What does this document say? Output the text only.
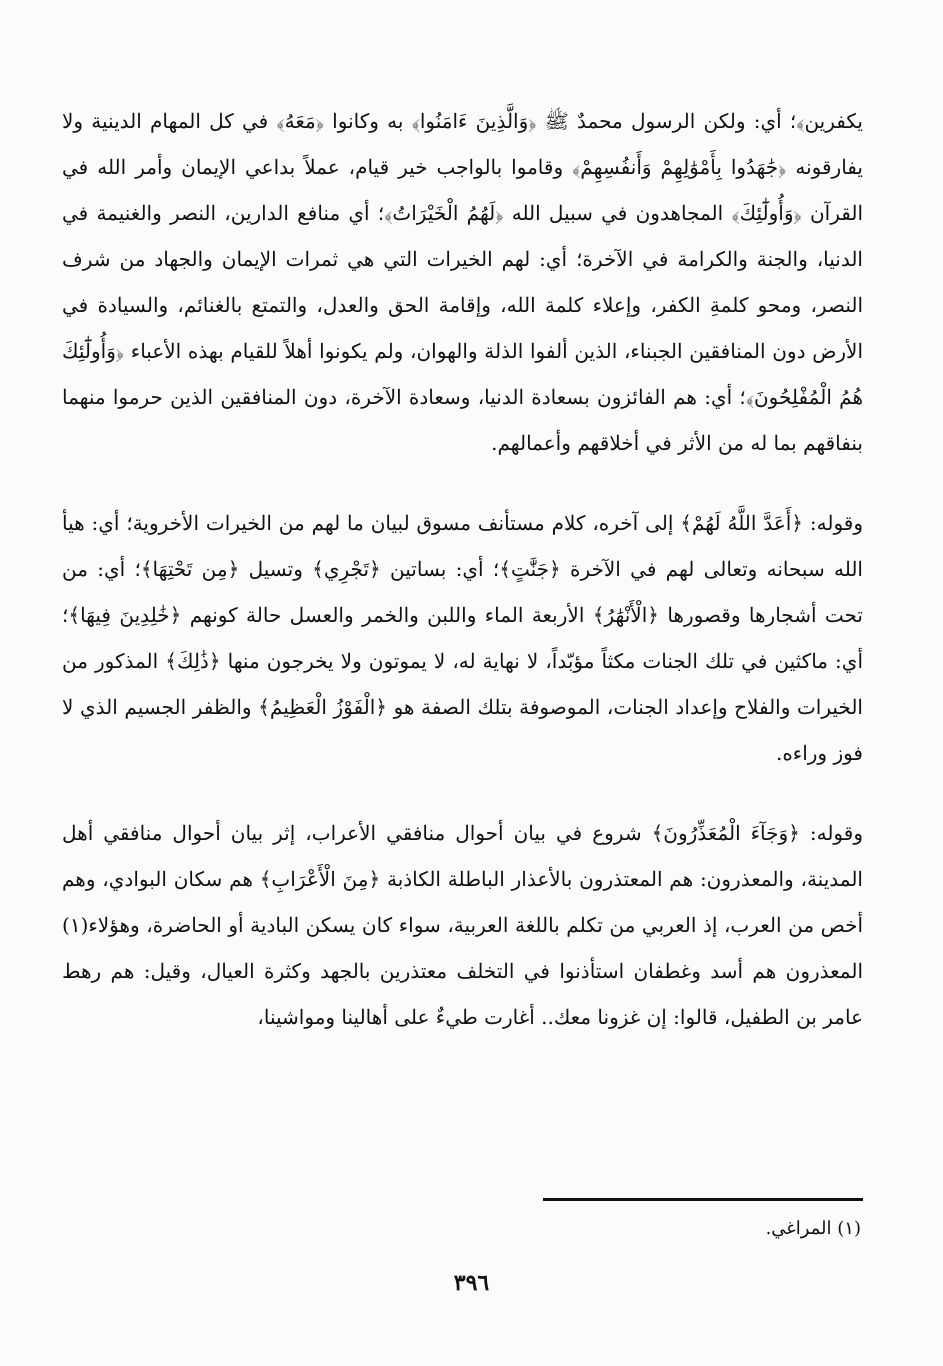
يكفرين﴾؛ أي: ولكن الرسول محمدٌ ﷺ ﴿وَالَّذِينَ ءَامَنُوا﴾ به وكانوا ﴿مَعَهُ﴾ في كل المهام الدينية ولا يفارقونه ﴿جَٰهَدُوا بِأَمْوَٰلِهِمْ وَأَنفُسِهِمْ﴾ وقاموا بالواجب خير قيام، عملاً بداعي الإيمان وأمر الله في القرآن ﴿وَأُولَٰٓئِكَ﴾ المجاهدون في سبيل الله ﴿لَهُمُ الْخَيْرَاتُ﴾؛ أي منافع الدارين، النصر والغنيمة في الدنيا، والجنة والكرامة في الآخرة؛ أي: لهم الخيرات التي هي ثمرات الإيمان والجهاد من شرف النصر، ومحو كلمةِ الكفر، وإعلاء كلمة الله، وإقامة الحق والعدل، والتمتع بالغنائم، والسيادة في الأرض دون المنافقين الجبناء، الذين ألفوا الذلة والهوان، ولم يكونوا أهلاً للقيام بهذه الأعباء ﴿وَأُولَٰٓئِكَ هُمُ الْمُفْلِحُونَ﴾؛ أي: هم الفائزون بسعادة الدنيا، وسعادة الآخرة، دون المنافقين الذين حرموا منهما بنفاقهم بما له من الأثر في أخلاقهم وأعمالهم.

وقوله: ﴿أَعَدَّ اللَّهُ لَهُمْ﴾ إلى آخره، كلام مستأنف مسوق لبيان ما لهم من الخيرات الأخروية؛ أي: هيأ الله سبحانه وتعالى لهم في الآخرة ﴿جَنَّٰتٍ﴾؛ أي: بساتين ﴿تَجْرِي﴾ وتسيل ﴿مِن تَحْتِهَا﴾؛ أي: من تحت أشجارها وقصورها ﴿الْأَنْهَٰرُ﴾ الأربعة الماء واللبن والخمر والعسل حالة كونهم ﴿خَٰلِدِينَ فِيهَا﴾؛ أي: ماكثين في تلك الجنات مكثاً مؤبّداً، لا نهاية له، لا يموتون ولا يخرجون منها ﴿ذَٰلِكَ﴾ المذكور من الخيرات والفلاح وإعداد الجنات، الموصوفة بتلك الصفة هو ﴿الْفَوْزُ الْعَظِيمُ﴾ والظفر الجسيم الذي لا فوز وراءه.

وقوله: ﴿وَجَآءَ الْمُعَذِّرُونَ﴾ شروع في بيان أحوال منافقي الأعراب، إثر بيان أحوال منافقي أهل المدينة، والمعذرون: هم المعتذرون بالأعذار الباطلة الكاذبة ﴿مِنَ الْأَعْرَابِ﴾ هم سكان البوادي، وهم أخص من العرب، إذ العربي من تكلم باللغة العربية، سواء كان يسكن البادية أو الحاضرة، وهؤلاء(١) المعذرون هم أسد وغطفان استأذنوا في التخلف معتذرين بالجهد وكثرة العيال، وقيل: هم رهط عامر بن الطفيل، قالوا: إن غزونا معك.. أغارت طيءٌ على أهالينا ومواشينا،

(١) المراغي.
٣٩٦
